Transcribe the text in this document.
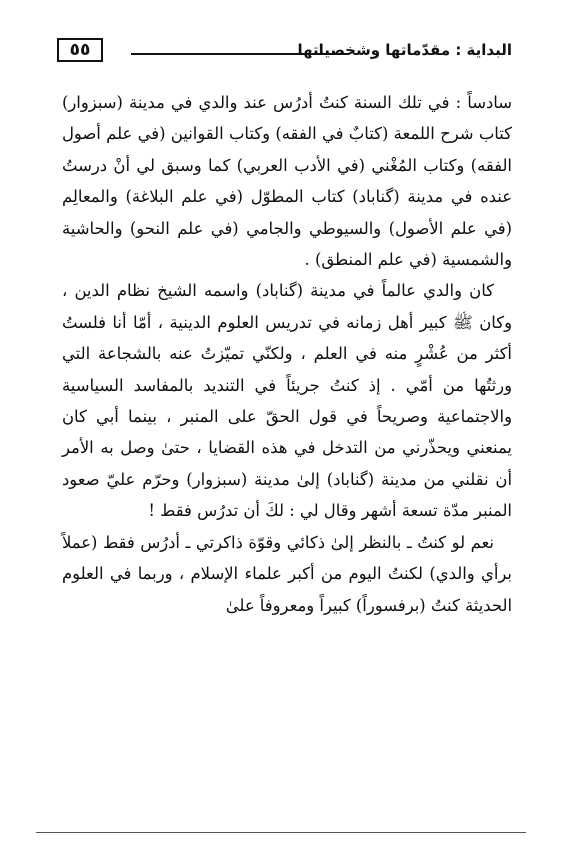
٥٥	البداية : مقدّماتها وشخصياتها

سادساً : في تلك السنة كنتُ أدرُس عند والدي في مدينة (سبزوار) كتاب شرح اللمعة (كتابٌ في الفقه) وكتاب القوانين (في علم أصول الفقه) وكتاب المُغْني (في الأدب العربي) كما وسبق لي أنْ درستُ عنده في مدينة (گناباد) كتاب المطوّل (في علم البلاغة) والمعالِم (في علم الأصول) والسيوطي والجامي (في علم النحو) والحاشية والشمسية (في علم المنطق) .

كان والدي عالماً في مدينة (گناباد) واسمه الشيخ نظام الدين ، وكان ﷺ كبير أهل زمانه في تدريس العلوم الدينية ، أمّا أنا فلستُ أكثر من عُشْرٍ منه في العلم ، ولكنّي تميّزتُ عنه بالشجاعة التي ورثتُها من أمّي . إذ كنتُ جريئاً في التنديد بالمفاسد السياسية والاجتماعية وصريحاً في قول الحقّ على المنبر ، بينما أبي كان يمنعني ويحذّرني من التدخل في هذه القضايا ، حتىٰ وصل به الأمر أن نقلني من مدينة (گناباد) إلىٰ مدينة (سبزوار) وحرّم عليّ صعود المنبر مدّة تسعة أشهر وقال لي : لكَ أن تدرُس فقط !

نعم لو كنتُ ـ بالنظر إلىٰ ذكائي وقوّة ذاكرتي ـ أدرُس فقط (عملاً برأي والدي) لكنتُ اليوم من أكبر علماء الإسلام ، وربما في العلوم الحديثة كنتُ (برفسوراً) كبيراً ومعروفاً علىٰ
